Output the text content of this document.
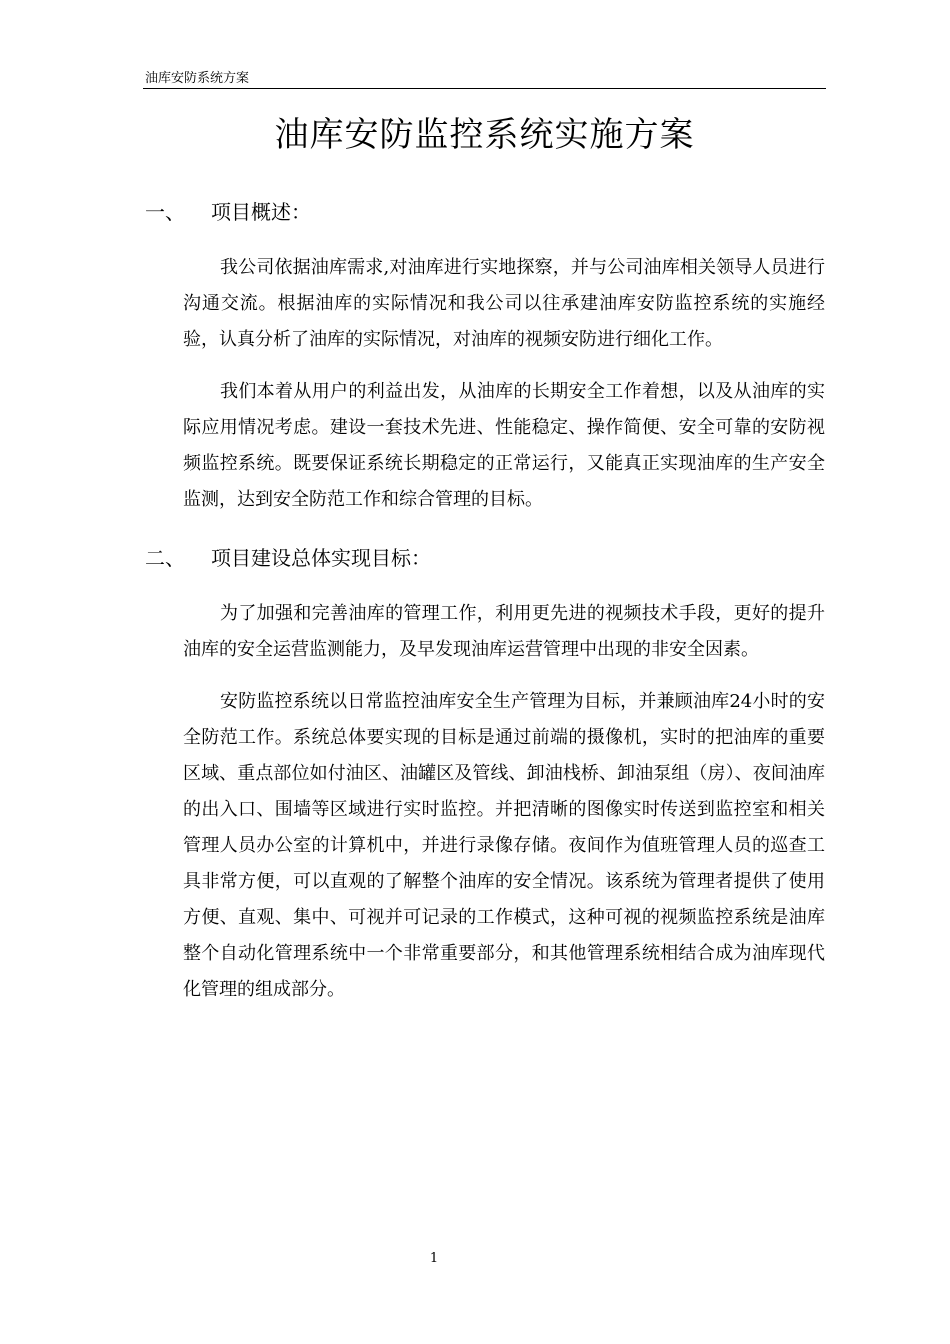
油库安防系统方案
油库安防监控系统实施方案
一、 项目概述：

我公司依据油库需求,对油库进行实地探察，并与公司油库相关领导人员进行沟通交流。根据油库的实际情况和我公司以往承建油库安防监控系统的实施经验，认真分析了油库的实际情况，对油库的视频安防进行细化工作。

我们本着从用户的利益出发，从油库的长期安全工作着想，以及从油库的实际应用情况考虑。建设一套技术先进、性能稳定、操作简便、安全可靠的安防视频监控系统。既要保证系统长期稳定的正常运行，又能真正实现油库的生产安全监测，达到安全防范工作和综合管理的目标。

二、 项目建设总体实现目标：

为了加强和完善油库的管理工作，利用更先进的视频技术手段，更好的提升油库的安全运营监测能力，及早发现油库运营管理中出现的非安全因素。

安防监控系统以日常监控油库安全生产管理为目标，并兼顾油库24小时的安全防范工作。系统总体要实现的目标是通过前端的摄像机，实时的把油库的重要区域、重点部位如付油区、油罐区及管线、卸油栈桥、卸油泵组（房）、夜间油库的出入口、围墙等区域进行实时监控。并把清晰的图像实时传送到监控室和相关管理人员办公室的计算机中，并进行录像存储。夜间作为值班管理人员的巡查工具非常方便，可以直观的了解整个油库的安全情况。该系统为管理者提供了使用方便、直观、集中、可视并可记录的工作模式，这种可视的视频监控系统是油库整个自动化管理系统中一个非常重要部分，和其他管理系统相结合成为油库现代化管理的组成部分。

1
